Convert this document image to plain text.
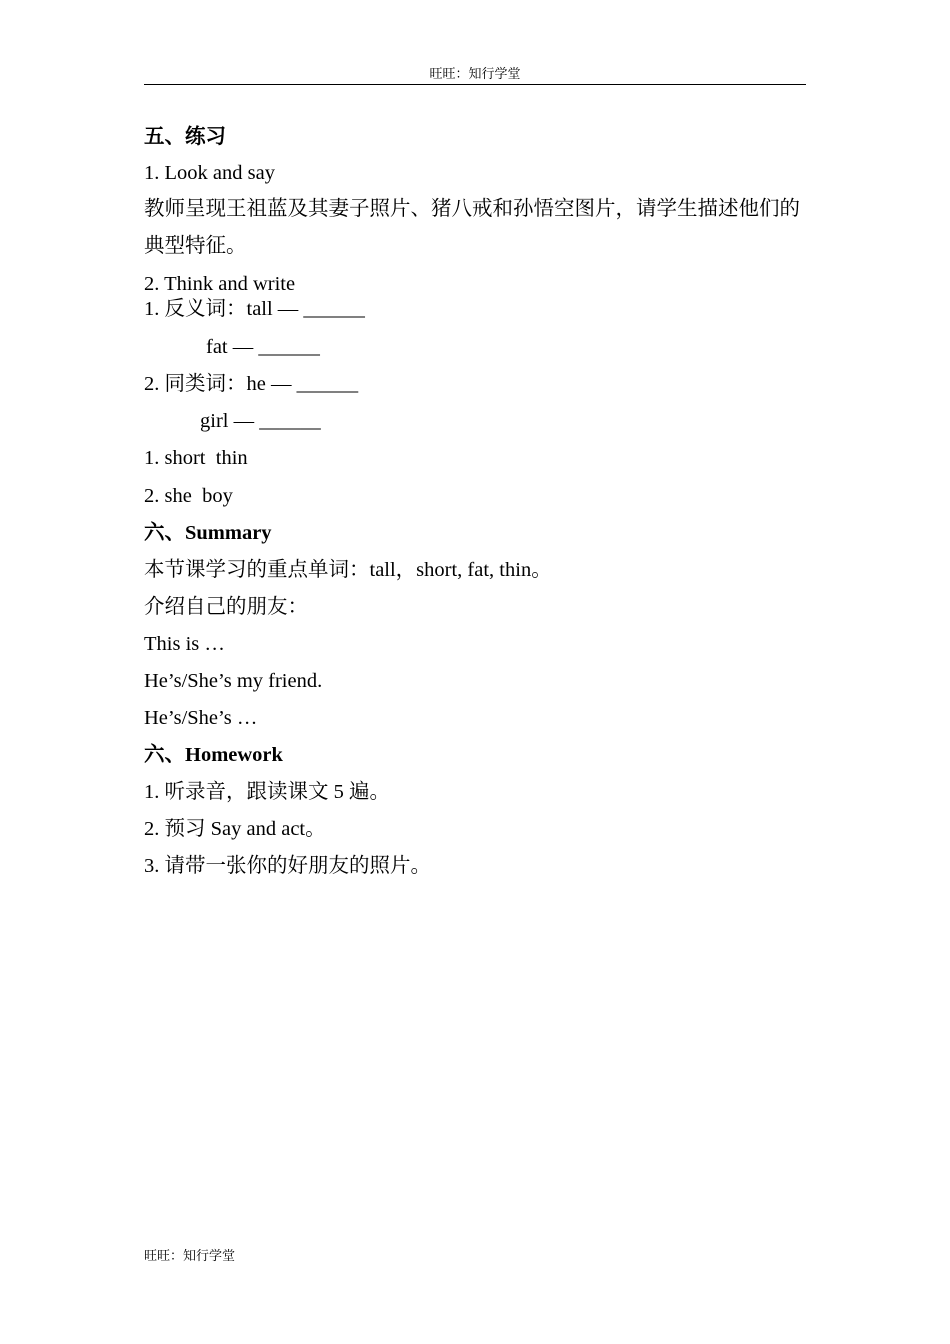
旺旺：知行学堂
五、练习
1. Look and say
教师呈现王祖蓝及其妻子照片、猪八戒和孙悟空图片，请学生描述他们的典型特征。
2. Think and write
1. 反义词：tall — ______
fat — ______
2. 同类词：he — ______
girl — ______
1. short  thin
2. she  boy
六、Summary
本节课学习的重点单词：tall，short, fat, thin。
介绍自己的朋友：
This is …
He’s/She’s my friend.
He’s/She’s …
六、Homework
1. 听录音，跟读课文 5 遍。
2. 预习 Say and act。
3. 请带一张你的好朋友的照片。
旺旺：知行学堂
